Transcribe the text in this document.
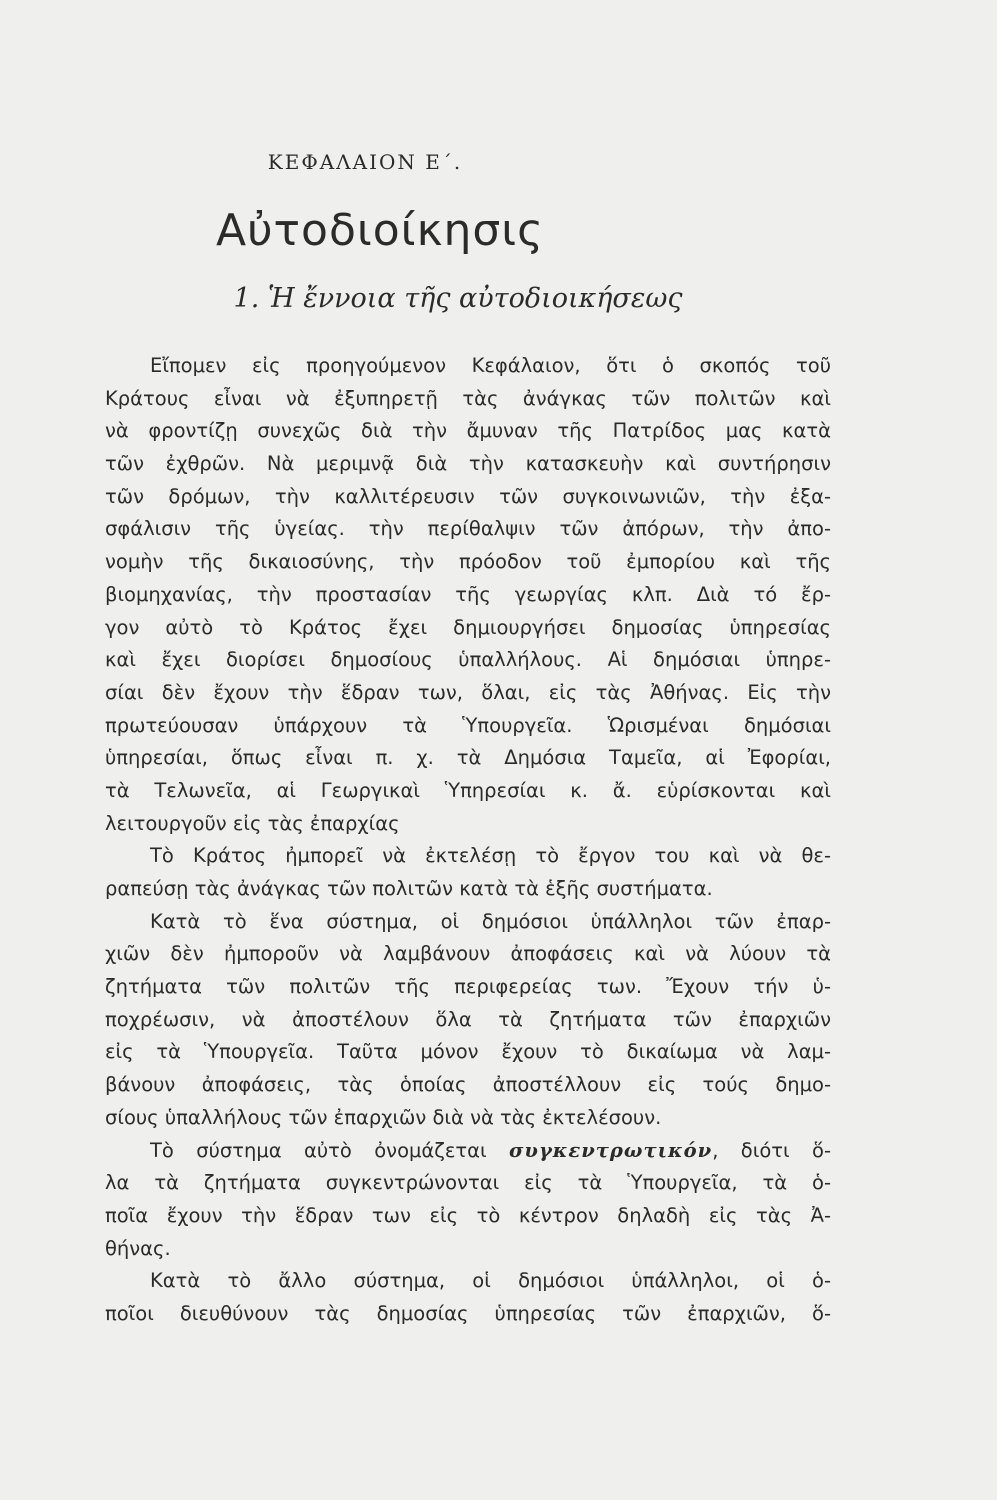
ΚΕΦΑΛΑΙΟΝ Ε΄.
Αὐτοδιοίκησις
1. Ἡ ἔννοια τῆς αὐτοδιοικήσεως
Εἴπομεν εἰς προηγούμενον Κεφάλαιον, ὅτι ὁ σκοπός τοῦ
Κράτους εἶναι νὰ ἐξυπηρετῇ τὰς ἀνάγκας τῶν πολιτῶν καὶ
νὰ φροντίζῃ συνεχῶς διὰ τὴν ἄμυναν τῆς Πατρίδος μας κατὰ
τῶν ἐχθρῶν. Νὰ μεριμνᾷ διὰ τὴν κατασκευὴν καὶ συντήρησιν
τῶν δρόμων, τὴν καλλιτέρευσιν τῶν συγκοινωνιῶν, τὴν ἐξα-
σφάλισιν τῆς ὑγείας. τὴν περίθαλψιν τῶν ἀπόρων, τὴν ἀπο-
νομὴν τῆς δικαιοσύνης, τὴν πρόοδον τοῦ ἐμπορίου καὶ τῆς
βιομηχανίας, τὴν προστασίαν τῆς γεωργίας κλπ. Διὰ τό ἔρ-
γον αὐτὸ τὸ Κράτος ἔχει δημιουργήσει δημοσίας ὑπηρεσίας
καὶ ἔχει διορίσει δημοσίους ὑπαλλήλους. Αἱ δημόσιαι ὑπηρε-
σίαι δὲν ἔχουν τὴν ἕδραν των, ὅλαι, εἰς τὰς Ἀθήνας. Εἰς τὴν
πρωτεύουσαν ὑπάρχουν τὰ Ὑπουργεῖα. Ὡρισμέναι δημόσιαι
ὑπηρεσίαι, ὅπως εἶναι π. χ. τὰ Δημόσια Ταμεῖα, αἱ Ἐφορίαι,
τὰ Τελωνεῖα, αἱ Γεωργικαὶ Ὑπηρεσίαι κ. ἄ. εὑρίσκονται καὶ
λειτουργοῦν εἰς τὰς ἐπαρχίας
Τὸ Κράτος ἠμπορεῖ νὰ ἐκτελέσῃ τὸ ἔργον του καὶ νὰ θε-
ραπεύσῃ τὰς ἀνάγκας τῶν πολιτῶν κατὰ τὰ ἑξῆς συστήματα.
Κατὰ τὸ ἕνα σύστημα, οἱ δημόσιοι ὑπάλληλοι τῶν ἐπαρ-
χιῶν δὲν ἠμποροῦν νὰ λαμβάνουν ἀποφάσεις καὶ νὰ λύουν τὰ
ζητήματα τῶν πολιτῶν τῆς περιφερείας των. Ἔχουν τήν ὑ-
ποχρέωσιν, νὰ ἀποστέλουν ὅλα τὰ ζητήματα τῶν ἐπαρχιῶν
εἰς τὰ Ὑπουργεῖα. Ταῦτα μόνον ἔχουν τὸ δικαίωμα νὰ λαμ-
βάνουν ἀποφάσεις, τὰς ὁποίας ἀποστέλλουν εἰς τούς δημο-
σίους ὑπαλλήλους τῶν ἐπαρχιῶν διὰ νὰ τὰς ἐκτελέσουν.
Τὸ σύστημα αὐτὸ ὀνομάζεται συγκεντρωτικόν, διότι ὅ-
λα τὰ ζητήματα συγκεντρώνονται εἰς τὰ Ὑπουργεῖα, τὰ ὁ-
ποῖα ἔχουν τὴν ἕδραν των εἰς τὸ κέντρον δηλαδὴ εἰς τὰς Ἀ-
θήνας.
Κατὰ τὸ ἄλλο σύστημα, οἱ δημόσιοι ὑπάλληλοι, οἱ ὁ-
ποῖοι διευθύνουν τὰς δημοσίας ὑπηρεσίας τῶν ἐπαρχιῶν, ὅ-
